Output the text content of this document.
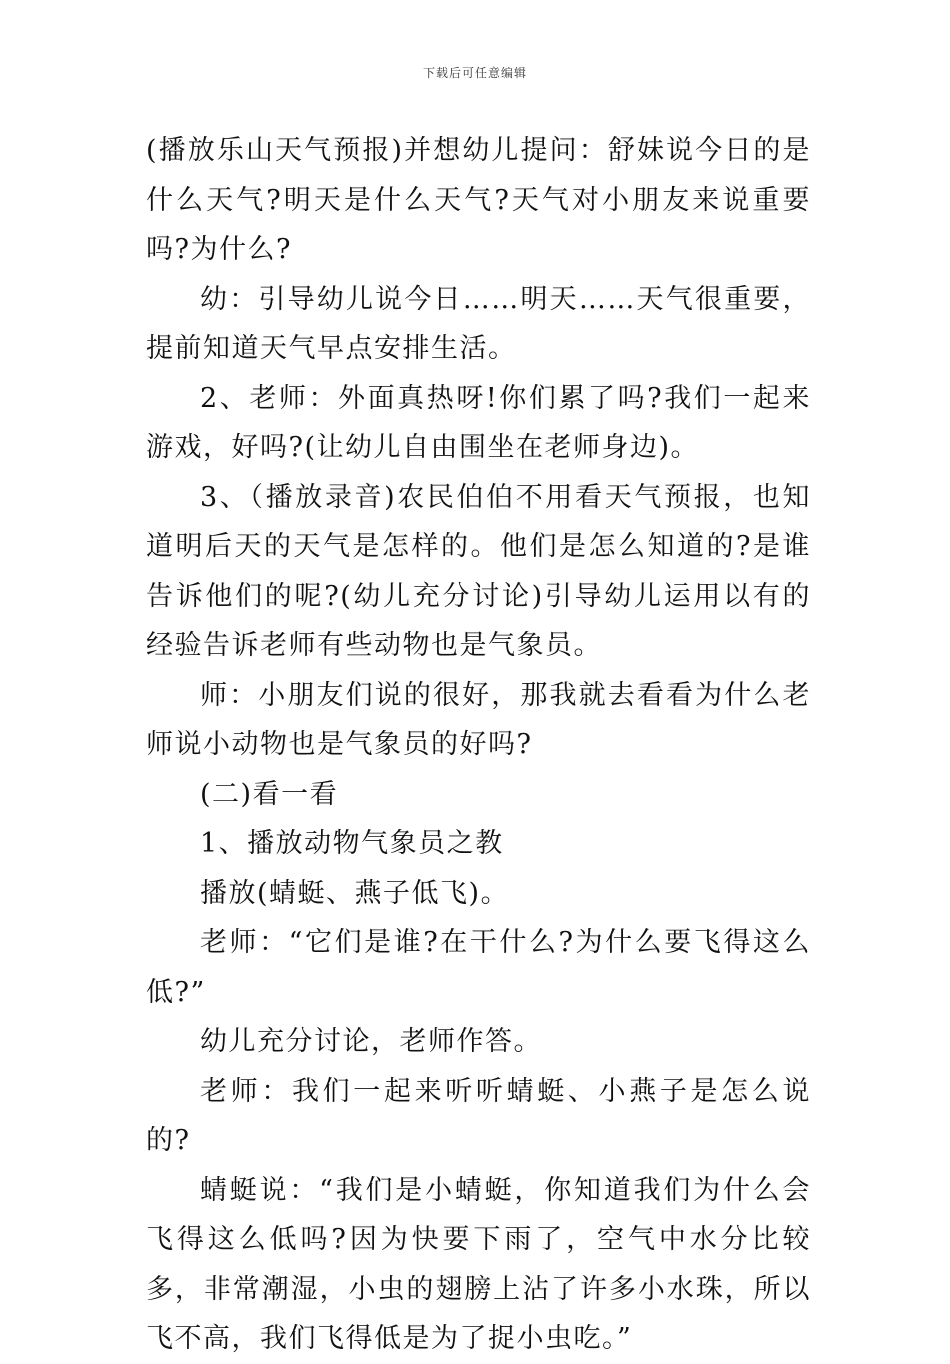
下载后可任意编辑

(播放乐山天气预报)并想幼儿提问：舒妹说今日的是什么天气?明天是什么天气?天气对小朋友来说重要吗?为什么?

幼：引导幼儿说今日……明天……天气很重要，提前知道天气早点安排生活。

2、老师：外面真热呀!你们累了吗?我们一起来游戏，好吗?(让幼儿自由围坐在老师身边)。

3、（播放录音)农民伯伯不用看天气预报，也知道明后天的天气是怎样的。他们是怎么知道的?是谁告诉他们的呢?(幼儿充分讨论)引导幼儿运用以有的经验告诉老师有些动物也是气象员。

师：小朋友们说的很好，那我就去看看为什么老师说小动物也是气象员的好吗?

(二)看一看

1、播放动物气象员之教

播放(蜻蜓、燕子低飞)。

老师：“它们是谁?在干什么?为什么要飞得这么低?”

幼儿充分讨论，老师作答。

老师：我们一起来听听蜻蜓、小燕子是怎么说的?

蜻蜓说：“我们是小蜻蜓，你知道我们为什么会飞得这么低吗?因为快要下雨了，空气中水分比较多，非常潮湿，小虫的翅膀上沾了许多小水珠，所以飞不高，我们飞得低是为了捉小虫吃。”
